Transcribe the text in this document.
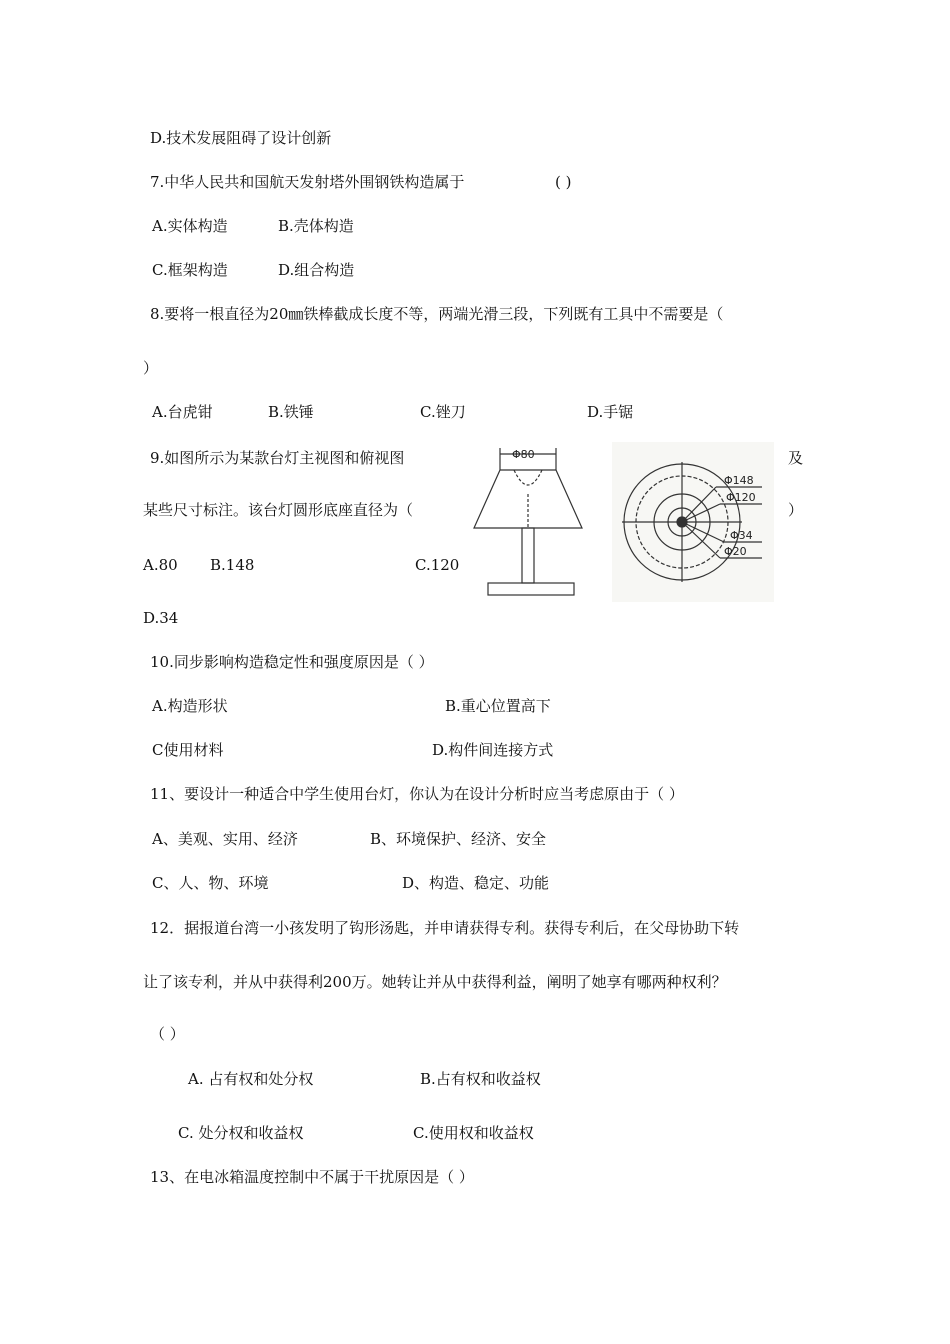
D.技术发展阻碍了设计创新
7.中华人民共和国航天发射塔外围钢铁构造属于	( )
A.实体构造	B.壳体构造
C.框架构造	D.组合构造
8.要将一根直径为20㎜铁棒截成长度不等，两端光滑三段，下列既有工具中不需要是（
）
A.台虎钳	B.铁锤	C.锉刀	D.手锯
9.如图所示为某款台灯主视图和俯视图	及
某些尺寸标注。该台灯圆形底座直径为（	）
A.80 B.148	C.120
D.34
Φ80
Φ148
Φ120
Φ34
Φ20
10.同步影响构造稳定性和强度原因是（ ）
A.构造形状	B.重心位置高下
C使用材料	D.构件间连接方式
11、要设计一种适合中学生使用台灯，你认为在设计分析时应当考虑原由于（ ）
A、美观、实用、经济	B、环境保护、经济、安全
C、人、物、环境	D、构造、稳定、功能
12．据报道台湾一小孩发明了钩形汤匙，并申请获得专利。获得专利后，在父母协助下转
让了该专利，并从中获得利200万。她转让并从中获得利益，阐明了她享有哪两种权利？
（ ）
A. 占有权和处分权	B.占有权和收益权
C. 处分权和收益权	C.使用权和收益权
13、在电冰箱温度控制中不属于干扰原因是（ ）
